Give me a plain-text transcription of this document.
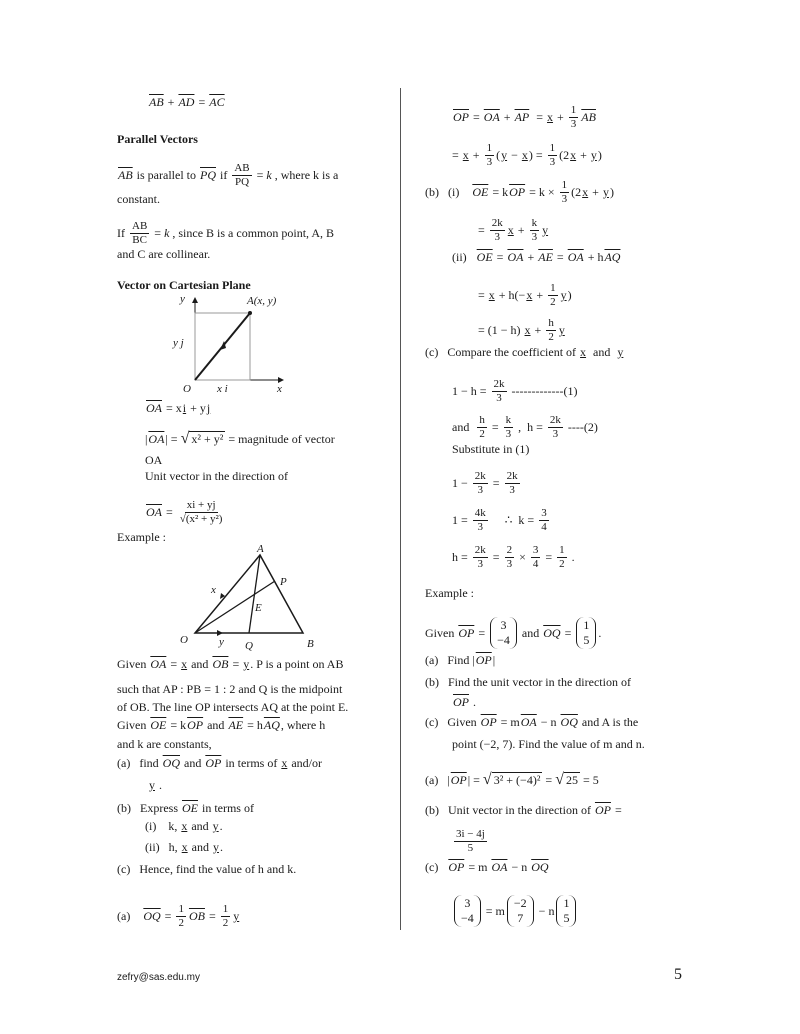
$\overline{AB} + \overline{AD} = \overline{AC}$
Parallel Vectors
$\overline{AB}$ is parallel to $\overline{PQ}$ if $\frac{AB}{PQ} = k$ , where k is a
constant.
If $\frac{AB}{BC} = k$ , since B is a common point, A, B
and C are collinear.
Vector on Cartesian Plane
$\overline{OA} = x$ i + y j
| $\overline{OA}$ | = √ x² + y² = magnitude of vector
OA
Unit vector in the direction of
$\overline{OA} = \frac{xi + yj}{\text{√(x² + y²)}}$
Example :
Given $\overline{OA} = x$ and $\overline{OB} = y$ . P is a point on AB
such that AP : PB = 1 : 2 and Q is the midpoint
of OB. The line OP intersects AQ at the point E.
Given $\overline{OE} = k$ $\overline{OP}$ and $\overline{AE} = h$ $\overline{AQ}$ , where h
and k are constants,
(a)   find $\overline{OQ}$ and $\overline{OP}$ in terms of x and/or
y .
(b)   Express $\overline{OE}$ in terms of
(i)    k, x and y .
(ii)   h, x and y .
(c)   Hence, find the value of h and k.
(a) $\overline{OQ} = \frac{1}{2} \overline{OB} = \frac{1}{2}$ y
$\overline{OP} = \overline{OA} + \overline{AP} = x + \frac{1}{3} \overline{AB}$
= $x + \frac{1}{3}$ ( y − x ) = $\frac{1}{3} (2$ x + y )
(b)   (i) $\overline{OE} = k$ $\overline{OP} = k \times \frac{1}{3} (2$ x + y )
= $\frac{2k}{3}$ $x + \frac{k}{3}$ y
(ii) $\overline{OE} = \overline{OA} + \overline{AE} = \overline{OA} + h$ $\overline{AQ}$
= $x + h(- x + \frac{1}{2}$ y )
= (1 − h) $x + \frac{h}{2}$ y
(c)   Compare the coefficient of x and y
$1 - h = \frac{2k}{3} -------------(1)$
and $\frac{h}{2} = \frac{k}{3}$ ,  $h = \frac{2k}{3} ----(2)$
Substitute in (1)
$1 - \frac{2k}{3} = \frac{2k}{3}$
$1 = \frac{4k}{3}$ ∴  $k = \frac{3}{4}$
$h = \frac{2k}{3} = \frac{2}{3} \times \frac{3}{4} = \frac{1}{2}$ .
Example :
Given $\overline{OP}$ =
3
−4
and $\overline{OQ}$ =
1
5
.
(a)   Find | $\overline{OP}$ |
(b)   Find the unit vector in the direction of
$\overline{OP}$ .
(c)   Given $\overline{OP} = m$ $\overline{OA} - n$ $\overline{OQ}$ and A is the
point (−2, 7). Find the value of m and n.
(a)   | $\overline{OP}$ | = √ 3² + (−4)² = √ 25 = 5
(b)   Unit vector in the direction of $\overline{OP}$ =
$\frac{3i - 4j}{5}$
(c) $\overline{OP} = m$ $\overline{OA} - n$ $\overline{OQ}$
3
−4
= m
−2
7
− n
1
5
A(x, y)
y
x
O
y j
x i
A
P
E
O	Q	B
x
y
zefry@sas.edu.my	5
